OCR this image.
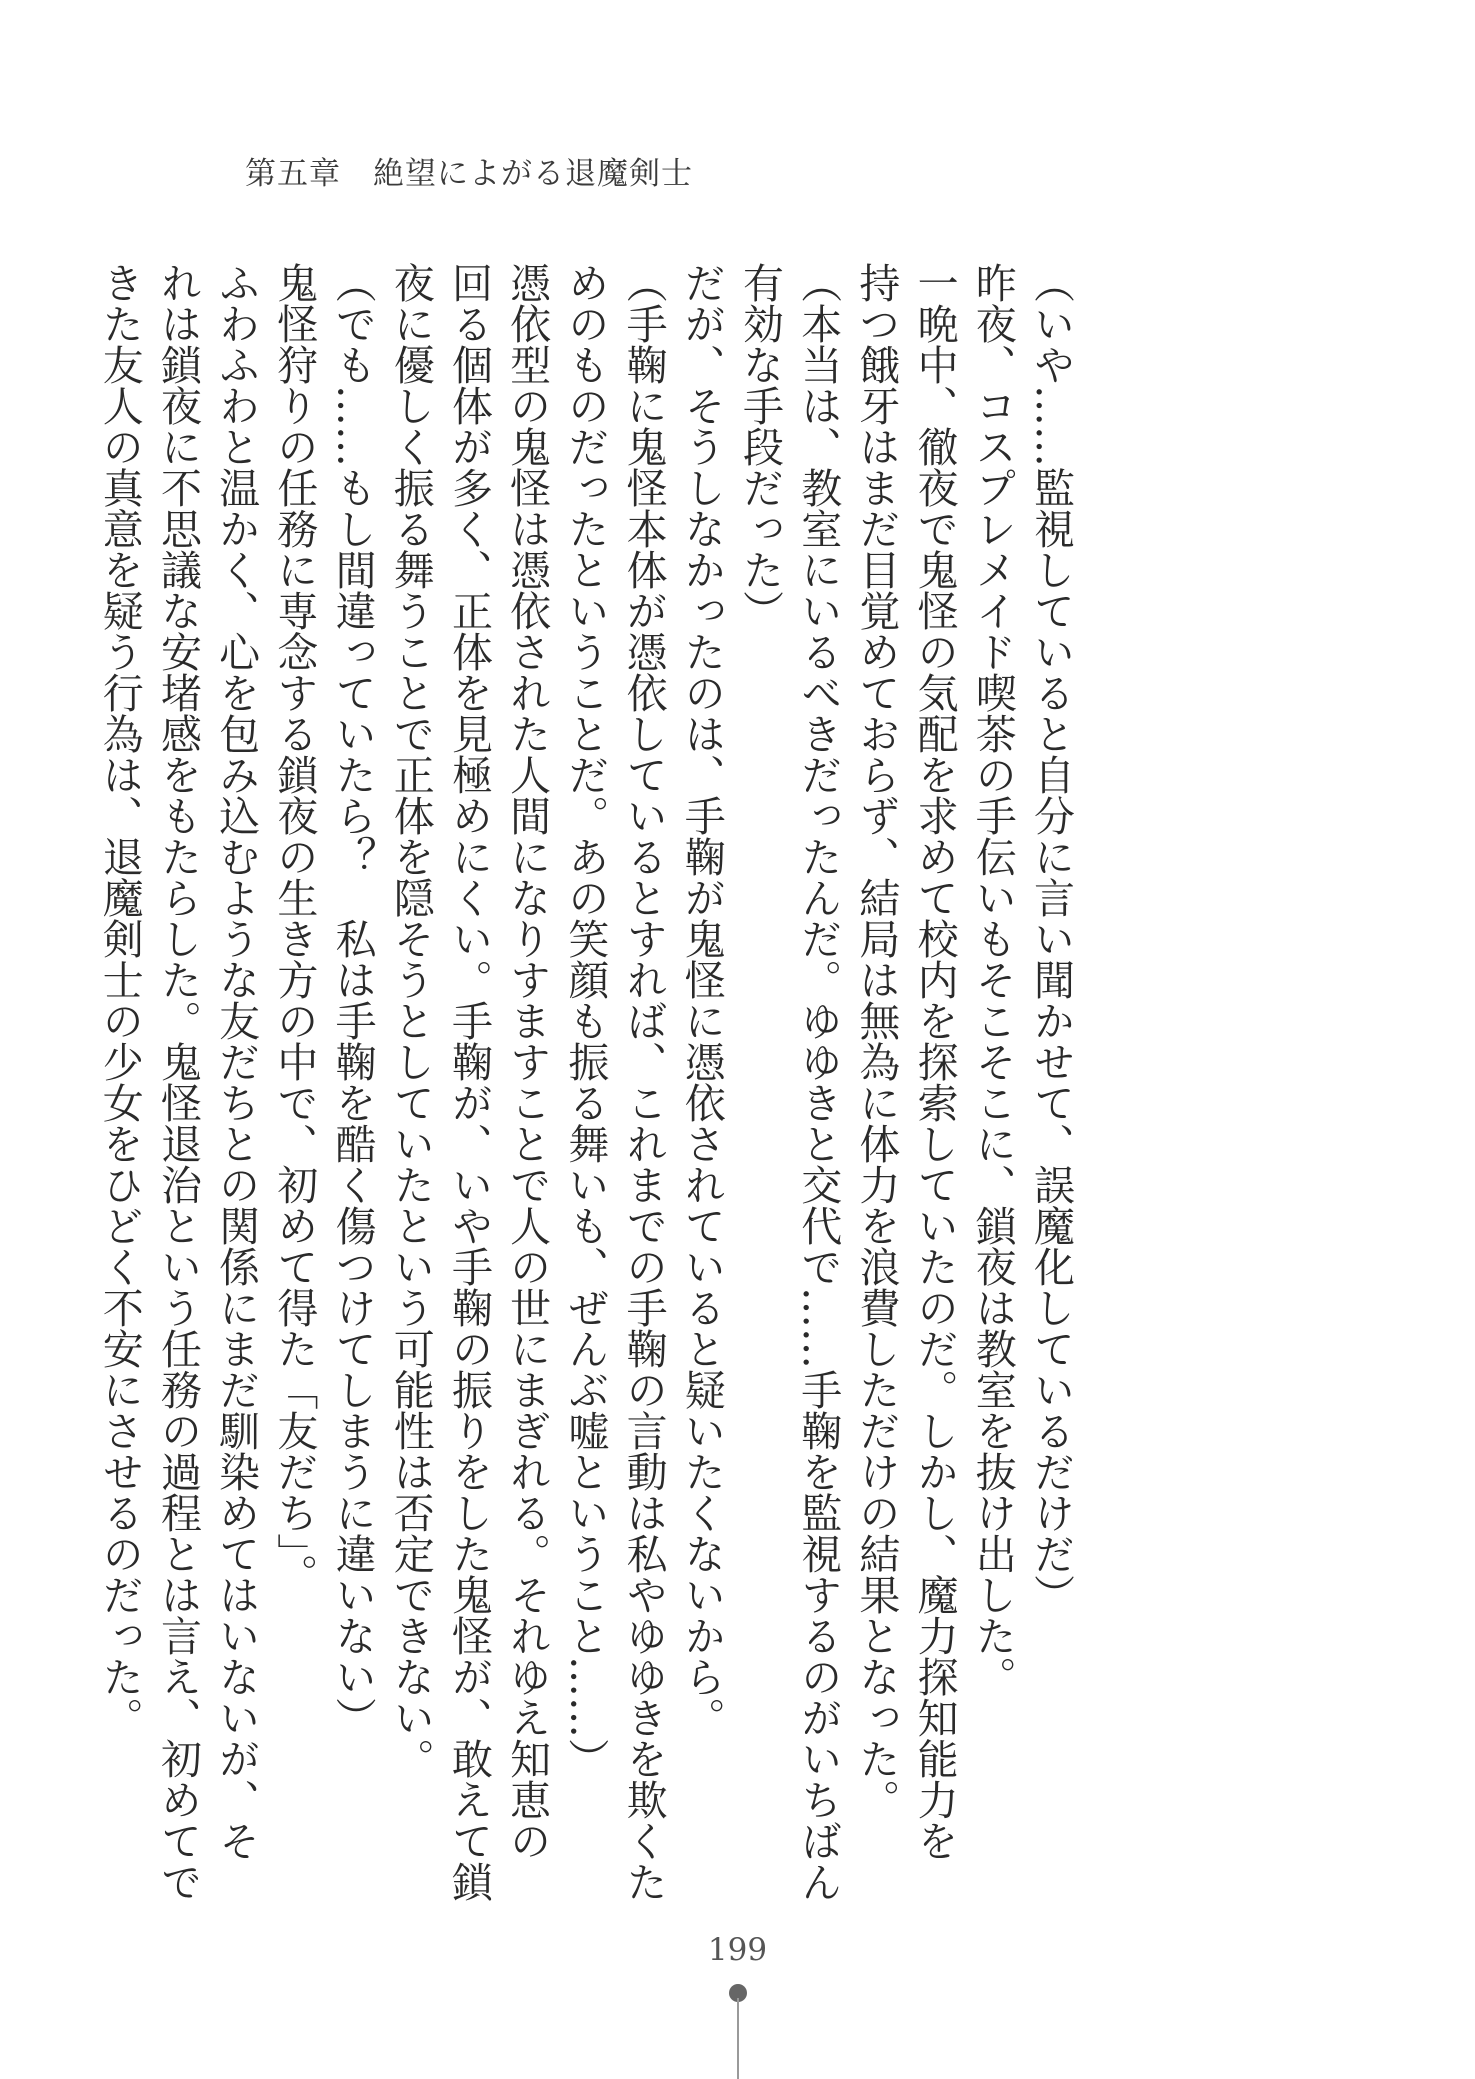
第五章　絶望によがる退魔剣士

（いや……監視していると自分に言い聞かせて、誤魔化しているだけだ）

昨夜、コスプレメイド喫茶の手伝いもそこそこに、鎖夜は教室を抜け出した。

一晩中、徹夜で鬼怪の気配を求めて校内を探索していたのだ。しかし、魔力探知能力を

持つ餓牙はまだ目覚めておらず、結局は無為に体力を浪費しただけの結果となった。

（本当は、教室にいるべきだったんだ。ゆゆきと交代で……手鞠を監視するのがいちばん

有効な手段だった）

だが、そうしなかったのは、手鞠が鬼怪に憑依されていると疑いたくないから。

（手鞠に鬼怪本体が憑依しているとすれば、これまでの手鞠の言動は私やゆゆきを欺くた

めのものだったということだ。あの笑顔も振る舞いも、ぜんぶ嘘ということ……）

憑依型の鬼怪は憑依された人間になりすますことで人の世にまぎれる。それゆえ知恵の

回る個体が多く、正体を見極めにくい。手鞠が、いや手鞠の振りをした鬼怪が、敢えて鎖

夜に優しく振る舞うことで正体を隠そうとしていたという可能性は否定できない。

（でも……もし間違っていたら？　私は手鞠を酷く傷つけてしまうに違いない）

鬼怪狩りの任務に専念する鎖夜の生き方の中で、初めて得た「友だち」。

ふわふわと温かく、心を包み込むような友だちとの関係にまだ馴染めてはいないが、そ

れは鎖夜に不思議な安堵感をもたらした。鬼怪退治という任務の過程とは言え、初めてで

きた友人の真意を疑う行為は、退魔剣士の少女をひどく不安にさせるのだった。

199
